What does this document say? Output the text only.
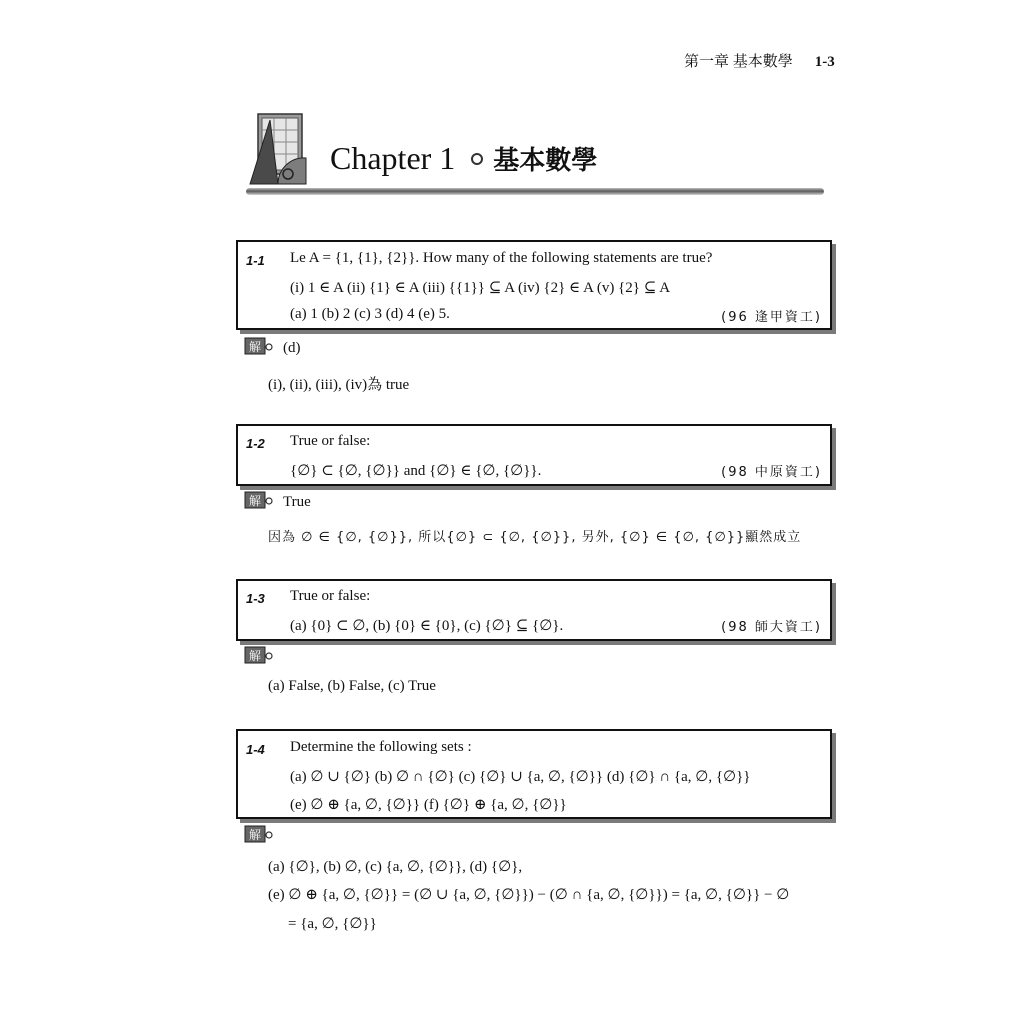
第一章 基本數學 1-3
Chapter 1 基本數學
1-1 Le A = {1, {1}, {2}}. How many of the following statements are true?
(i) 1 ∈ A (ii) {1} ∈ A (iii) {{1}} ⊆ A (iv) {2} ∈ A (v) {2} ⊆ A
(a) 1 (b) 2 (c) 3 (d) 4 (e) 5.	(96 逢甲資工)
解 (d)
(i), (ii), (iii), (iv)為 true
1-2 True or false:
{∅} ⊂ {∅, {∅}} and {∅} ∈ {∅, {∅}}.	(98 中原資工)
解 True
因為 ∅ ∈ {∅, {∅}}, 所以{∅} ⊂ {∅, {∅}}, 另外, {∅} ∈ {∅, {∅}}顯然成立
1-3 True or false:
(a) {0} ⊂ ∅, (b) {0} ∈ {0}, (c) {∅} ⊆ {∅}.	(98 師大資工)
解
(a) False, (b) False, (c) True
1-4 Determine the following sets :
(a) ∅ ∪ {∅} (b) ∅ ∩ {∅} (c) {∅} ∪ {a, ∅, {∅}} (d) {∅} ∩ {a, ∅, {∅}}
(e) ∅ ⊕ {a, ∅, {∅}} (f) {∅} ⊕ {a, ∅, {∅}}
解
(a) {∅}, (b) ∅, (c) {a, ∅, {∅}}, (d) {∅},
(e) ∅ ⊕ {a, ∅, {∅}} = (∅ ∪ {a, ∅, {∅}}) − (∅ ∩ {a, ∅, {∅}}) = {a, ∅, {∅}} − ∅
= {a, ∅, {∅}}
